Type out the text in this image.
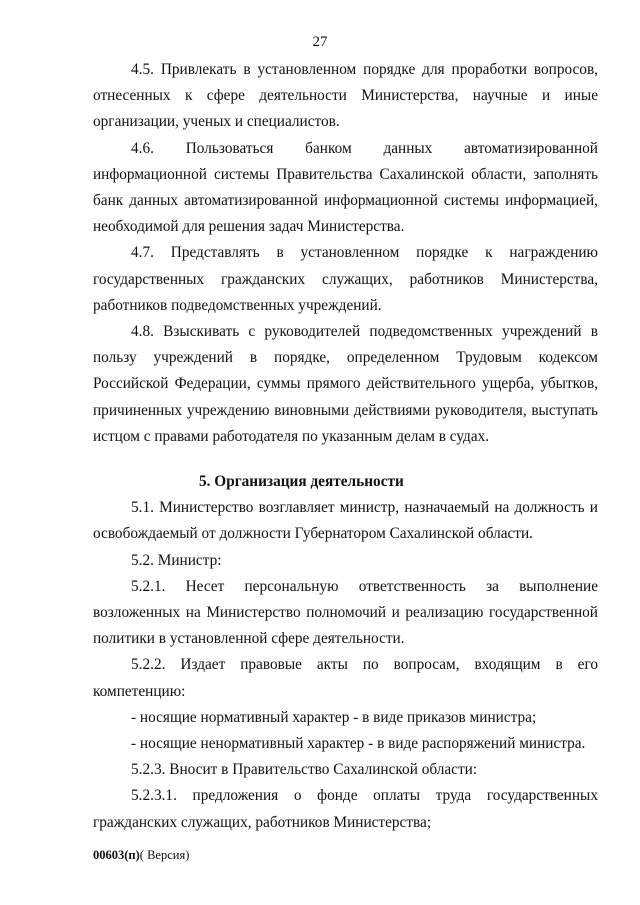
27

4.5. Привлекать в установленном порядке для проработки вопросов, отнесенных к сфере деятельности Министерства, научные и иные организации, ученых и специалистов.

4.6. Пользоваться банком данных автоматизированной информационной системы Правительства Сахалинской области, заполнять банк данных автоматизированной информационной системы информацией, необходимой для решения задач Министерства.

4.7. Представлять в установленном порядке к награждению государственных гражданских служащих, работников Министерства, работников подведомственных учреждений.

4.8. Взыскивать с руководителей подведомственных учреждений в пользу учреждений в порядке, определенном Трудовым кодексом Российской Федерации, суммы прямого действительного ущерба, убытков, причиненных учреждению виновными действиями руководителя, выступать истцом с правами работодателя по указанным делам в судах.

5. Организация деятельности

5.1. Министерство возглавляет министр, назначаемый на должность и освобождаемый от должности Губернатором Сахалинской области.

5.2. Министр:

5.2.1. Несет персональную ответственность за выполнение возложенных на Министерство полномочий и реализацию государственной политики в установленной сфере деятельности.

5.2.2. Издает правовые акты по вопросам, входящим в его компетенцию:

- носящие нормативный характер - в виде приказов министра;

- носящие ненормативный характер - в виде распоряжений министра.

5.2.3. Вносит в Правительство Сахалинской области:

5.2.3.1. предложения о фонде оплаты труда государственных гражданских служащих, работников Министерства;

00603(п)( Версия)
